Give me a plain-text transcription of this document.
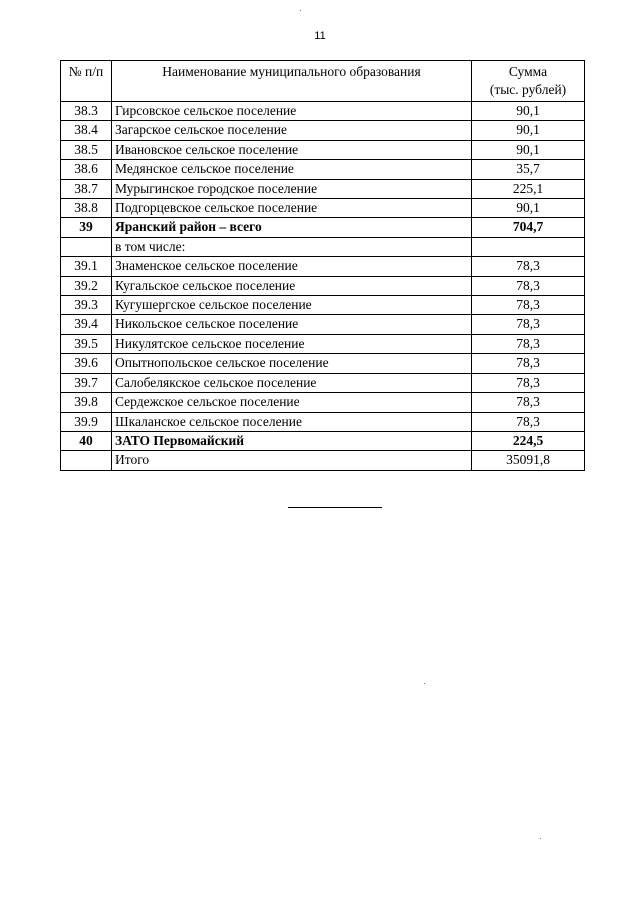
11
№ п/п	Наименование муниципального образования	Сумма
(тыс. рублей)
38.3	Гирсовское сельское поселение	90,1
38.4	Загарское сельское поселение	90,1
38.5	Ивановское сельское поселение	90,1
38.6	Медянское сельское поселение	35,7
38.7	Мурыгинское городское поселение	225,1
38.8	Подгорцевское сельское поселение	90,1
39	Яранский район – всего	704,7
	в том числе:	
39.1	Знаменское сельское поселение	78,3
39.2	Кугальское сельское поселение	78,3
39.3	Кугушергское сельское поселение	78,3
39.4	Никольское сельское поселение	78,3
39.5	Никулятское сельское поселение	78,3
39.6	Опытнопольское сельское поселение	78,3
39.7	Салобелякское сельское поселение	78,3
39.8	Сердежское сельское поселение	78,3
39.9	Шкаланское сельское поселение	78,3
40	ЗАТО Первомайский	224,5
	Итого	35091,8
